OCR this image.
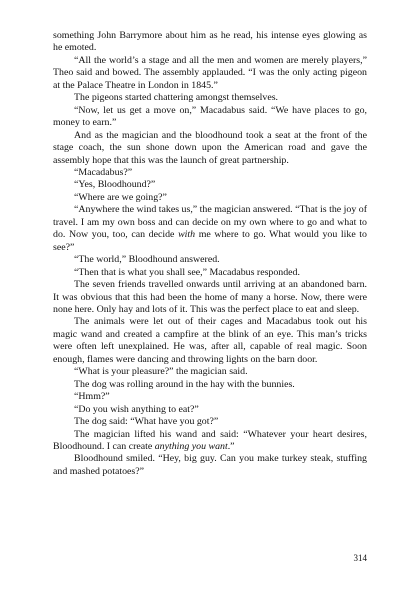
something John Barrymore about him as he read, his intense eyes glowing as he emoted.

“All the world’s a stage and all the men and women are merely players,” Theo said and bowed. The assembly applauded. “I was the only acting pigeon at the Palace Theatre in London in 1845.”

The pigeons started chattering amongst themselves.

“Now, let us get a move on,” Macadabus said. “We have places to go, money to earn.”

And as the magician and the bloodhound took a seat at the front of the stage coach, the sun shone down upon the American road and gave the assembly hope that this was the launch of great partnership.

“Macadabus?”

“Yes, Bloodhound?”

“Where are we going?”

“Anywhere the wind takes us,” the magician answered. “That is the joy of travel. I am my own boss and can decide on my own where to go and what to do. Now you, too, can decide with me where to go. What would you like to see?”

“The world,” Bloodhound answered.

“Then that is what you shall see,” Macadabus responded.

The seven friends travelled onwards until arriving at an abandoned barn. It was obvious that this had been the home of many a horse. Now, there were none here. Only hay and lots of it. This was the perfect place to eat and sleep.

The animals were let out of their cages and Macadabus took out his magic wand and created a campfire at the blink of an eye. This man’s tricks were often left unexplained. He was, after all, capable of real magic. Soon enough, flames were dancing and throwing lights on the barn door.

“What is your pleasure?” the magician said.

The dog was rolling around in the hay with the bunnies.

“Hmm?”

“Do you wish anything to eat?”

The dog said: “What have you got?”

The magician lifted his wand and said: “Whatever your heart desires, Bloodhound. I can create anything you want.”

Bloodhound smiled. “Hey, big guy. Can you make turkey steak, stuffing and mashed potatoes?”

314
